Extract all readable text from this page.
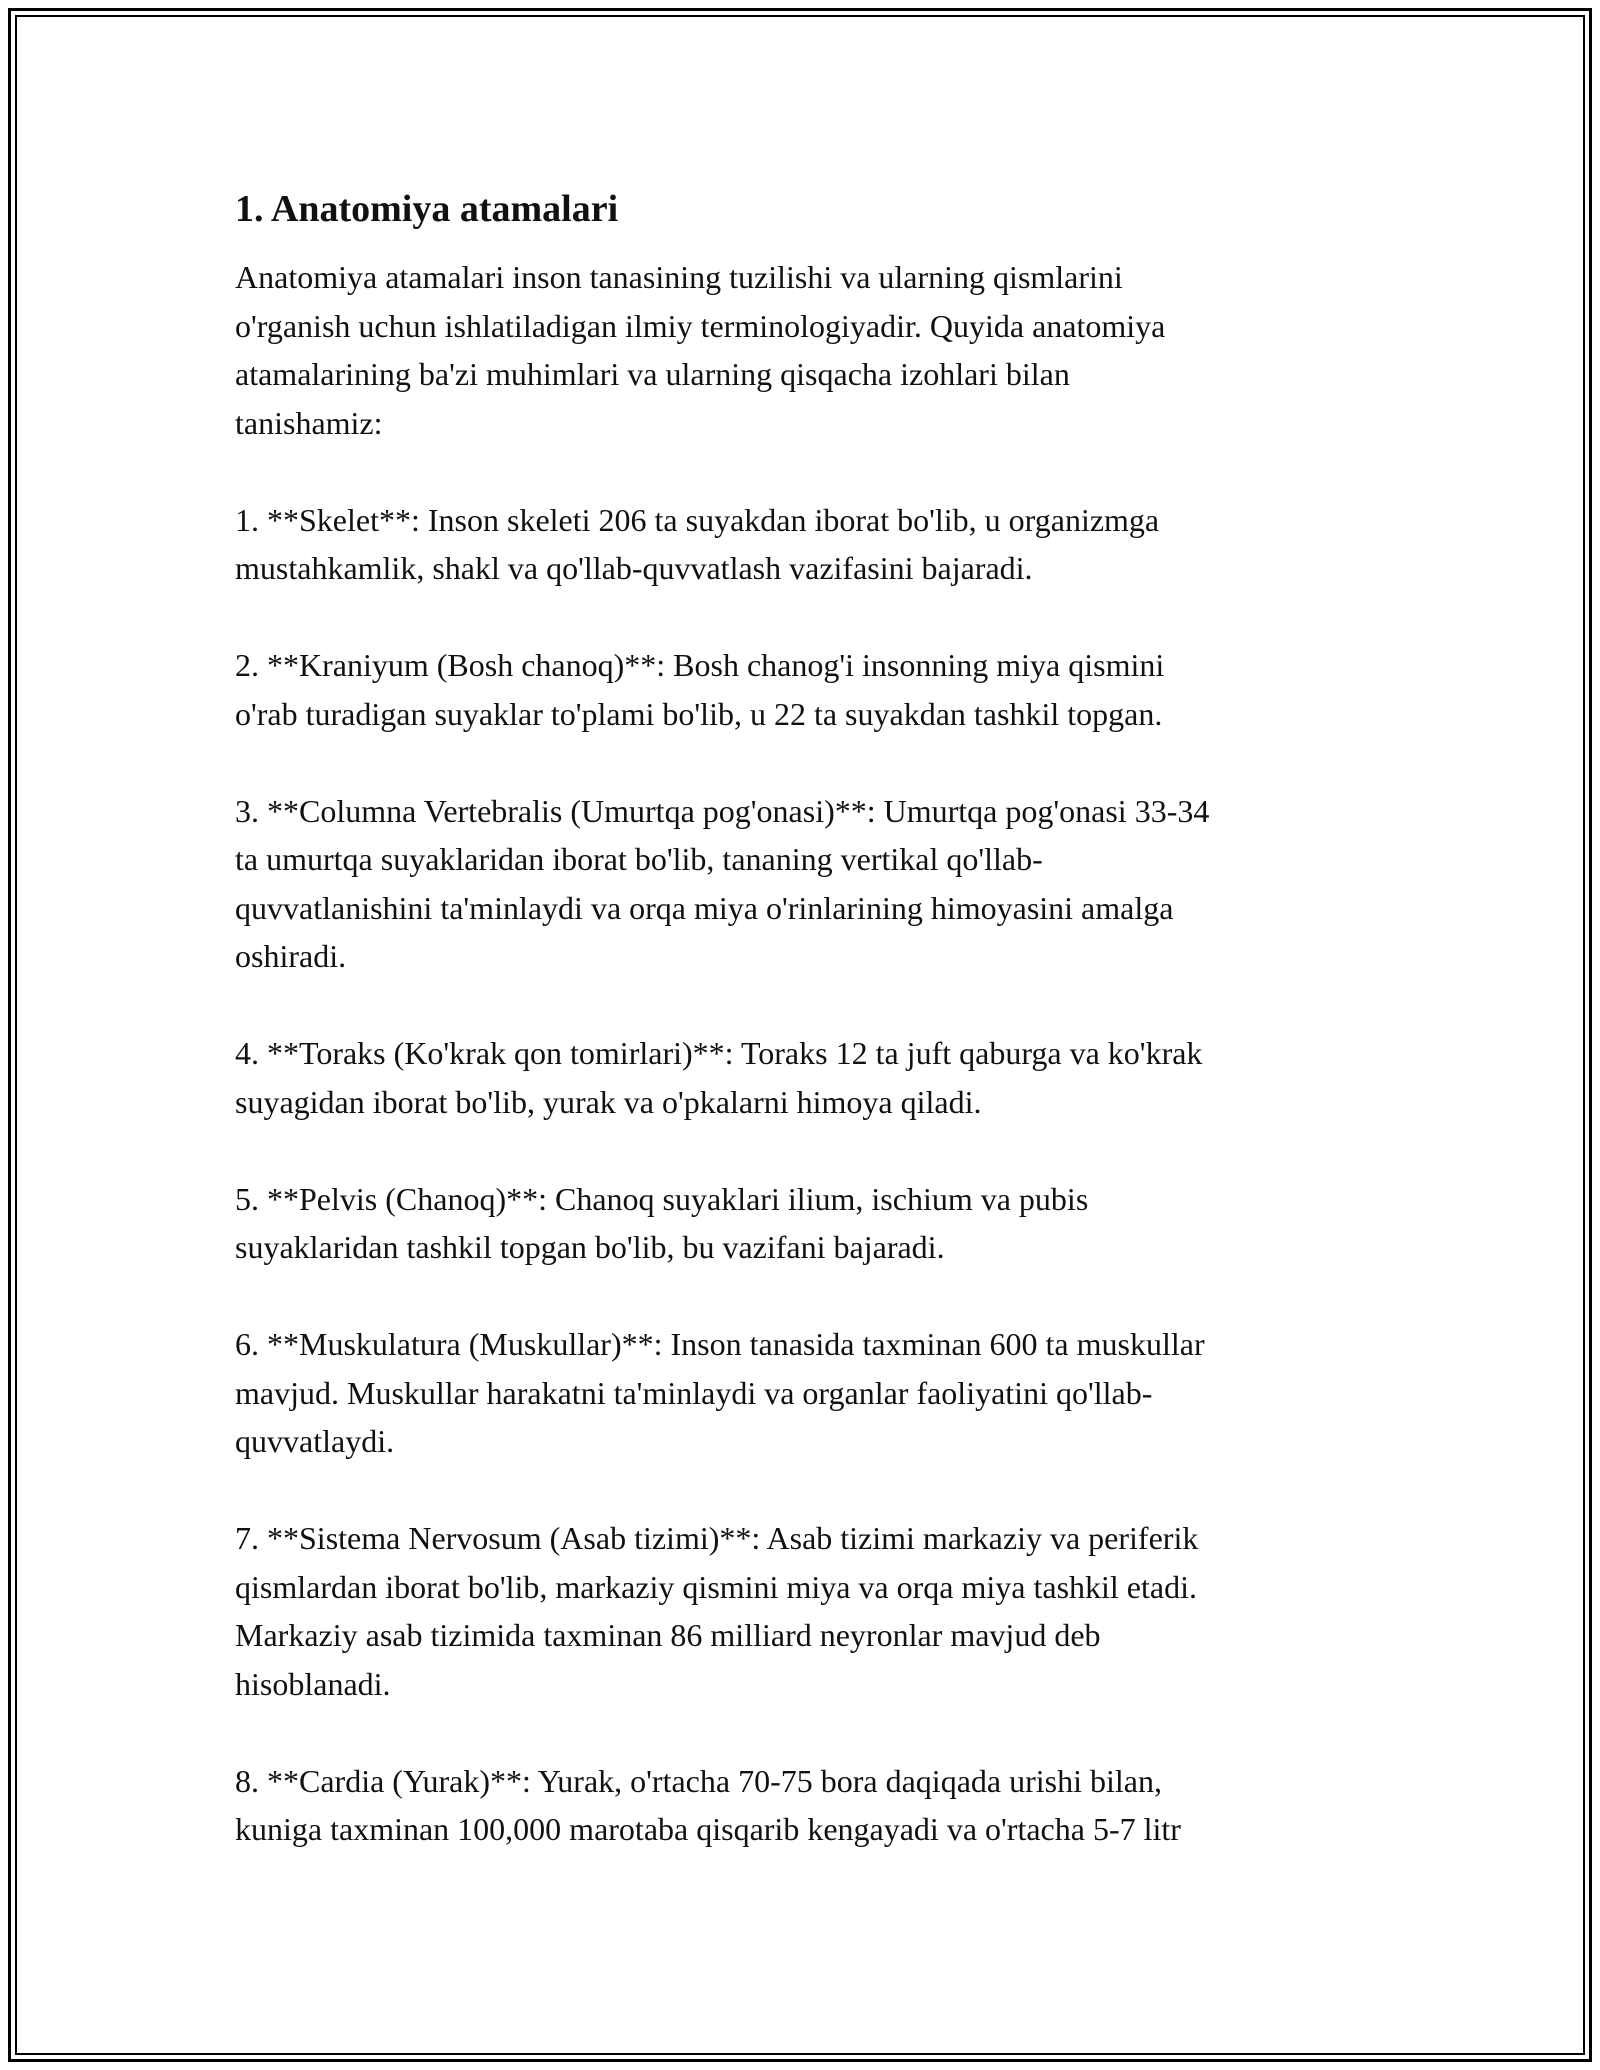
1. Anatomiya atamalari
Anatomiya atamalari inson tanasining tuzilishi va ularning qismlarini
o'rganish uchun ishlatiladigan ilmiy terminologiyadir. Quyida anatomiya
atamalarining ba'zi muhimlari va ularning qisqacha izohlari bilan
tanishamiz:
1. **Skelet**: Inson skeleti 206 ta suyakdan iborat bo'lib, u organizmga
mustahkamlik, shakl va qo'llab-quvvatlash vazifasini bajaradi.
2. **Kraniyum (Bosh chanoq)**: Bosh chanog'i insonning miya qismini
o'rab turadigan suyaklar to'plami bo'lib, u 22 ta suyakdan tashkil topgan.
3. **Columna Vertebralis (Umurtqa pog'onasi)**: Umurtqa pog'onasi 33-34
ta umurtqa suyaklaridan iborat bo'lib, tananing vertikal qo'llab-
quvvatlanishini ta'minlaydi va orqa miya o'rinlarining himoyasini amalga
oshiradi.
4. **Toraks (Ko'krak qon tomirlari)**: Toraks 12 ta juft qaburga va ko'krak
suyagidan iborat bo'lib, yurak va o'pkalarni himoya qiladi.
5. **Pelvis (Chanoq)**: Chanoq suyaklari ilium, ischium va pubis
suyaklaridan tashkil topgan bo'lib, bu vazifani bajaradi.
6. **Muskulatura (Muskullar)**: Inson tanasida taxminan 600 ta muskullar
mavjud. Muskullar harakatni ta'minlaydi va organlar faoliyatini qo'llab-
quvvatlaydi.
7. **Sistema Nervosum (Asab tizimi)**: Asab tizimi markaziy va periferik
qismlardan iborat bo'lib, markaziy qismini miya va orqa miya tashkil etadi.
Markaziy asab tizimida taxminan 86 milliard neyronlar mavjud deb
hisoblanadi.
8. **Cardia (Yurak)**: Yurak, o'rtacha 70-75 bora daqiqada urishi bilan,
kuniga taxminan 100,000 marotaba qisqarib kengayadi va o'rtacha 5-7 litr
